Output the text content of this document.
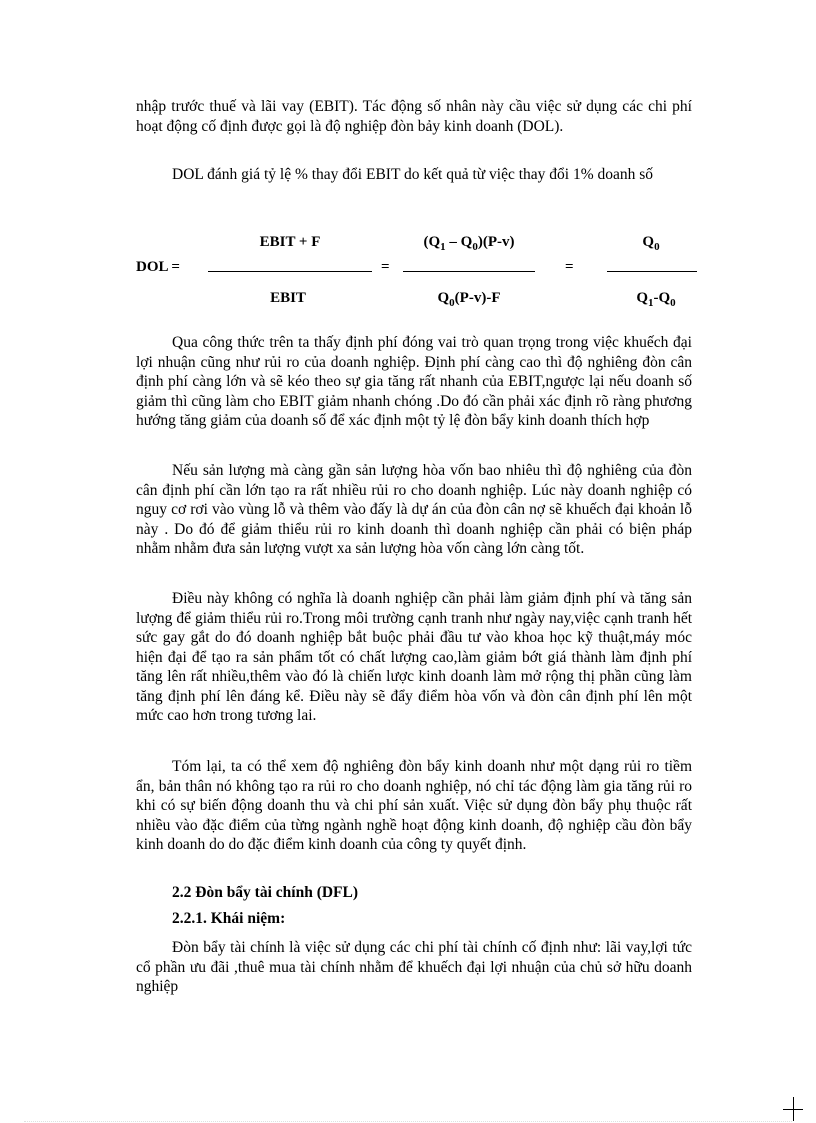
nhập trước thuế và lãi vay (EBIT). Tác động số nhân này cầu việc sử dụng các chi phí hoạt động cố định được gọi là độ nghiệp đòn bảy kinh doanh (DOL).

DOL đánh giá tỷ lệ % thay đổi EBIT do kết quả từ việc thay đổi 1% doanh số

DOL =
EBIT + F
EBIT
=
$(Q_1 - Q_0)(P-v)$
$Q_0(P-v)-F$
=
$Q_0$
$Q_1-Q_0$

Qua công thức trên ta thấy định phí đóng vai trò quan trọng trong việc khuếch đại lợi nhuận cũng như rủi ro của doanh nghiệp. Định phí càng cao thì độ nghiêng đòn cân định phí càng lớn và sẽ kéo theo sự gia tăng rất nhanh của EBIT,ngược lại nếu doanh số giảm thì cũng làm cho EBIT giảm nhanh chóng .Do đó cần phải xác định rõ ràng phương hướng tăng giảm của doanh số để xác định một tỷ lệ đòn bẩy kinh doanh thích hợp

Nếu sản lượng mà càng gần sản lượng hòa vốn bao nhiêu thì độ nghiêng của đòn cân định phí cần lớn tạo ra rất nhiều rủi ro cho doanh nghiệp. Lúc này doanh nghiệp có nguy cơ rơi vào vùng lỗ và thêm vào đấy là dự án của đòn cân nợ sẽ khuếch đại khoản lỗ này . Do đó để giảm thiểu rủi ro kinh doanh thì doanh nghiệp cần phải có biện pháp nhằm nhằm đưa sản lượng vượt xa sản lượng hòa vốn càng lớn càng tốt.

Điều này không có nghĩa là doanh nghiệp cần phải làm giảm định phí và tăng sản lượng để giảm thiểu rủi ro.Trong môi trường cạnh tranh như ngày nay,việc cạnh tranh hết sức gay gắt do đó doanh nghiệp bắt buộc phải đầu tư vào khoa học kỹ thuật,máy móc hiện đại để tạo ra sản phẩm tốt có chất lượng cao,làm giảm bớt giá thành làm định phí tăng lên rất nhiều,thêm vào đó là chiến lược kinh doanh làm mở rộng thị phần cũng làm tăng định phí lên đáng kể. Điều này sẽ đẩy điểm hòa vốn và đòn cân định phí lên một mức cao hơn trong tương lai.

Tóm lại, ta có thể xem độ nghiêng đòn bẩy kinh doanh như một dạng rủi ro tiềm ẩn, bản thân nó không tạo ra rủi ro cho doanh nghiệp, nó chỉ tác động làm gia tăng rủi ro khi có sự biến động doanh thu và chi phí sản xuất. Việc sử dụng đòn bẩy phụ thuộc rất nhiều vào đặc điểm của từng ngành nghề hoạt động kinh doanh, độ nghiệp cầu đòn bẩy kinh doanh do do đặc điểm kinh doanh của công ty quyết định.

2.2 Đòn bẩy tài chính (DFL)

2.2.1. Khái niệm:

Đòn bẩy tài chính là việc sử dụng các chi phí tài chính cố định như: lãi vay,lợi tức cổ phần ưu đãi ,thuê mua tài chính nhằm để khuếch đại lợi nhuận của chủ sở hữu doanh nghiệp
